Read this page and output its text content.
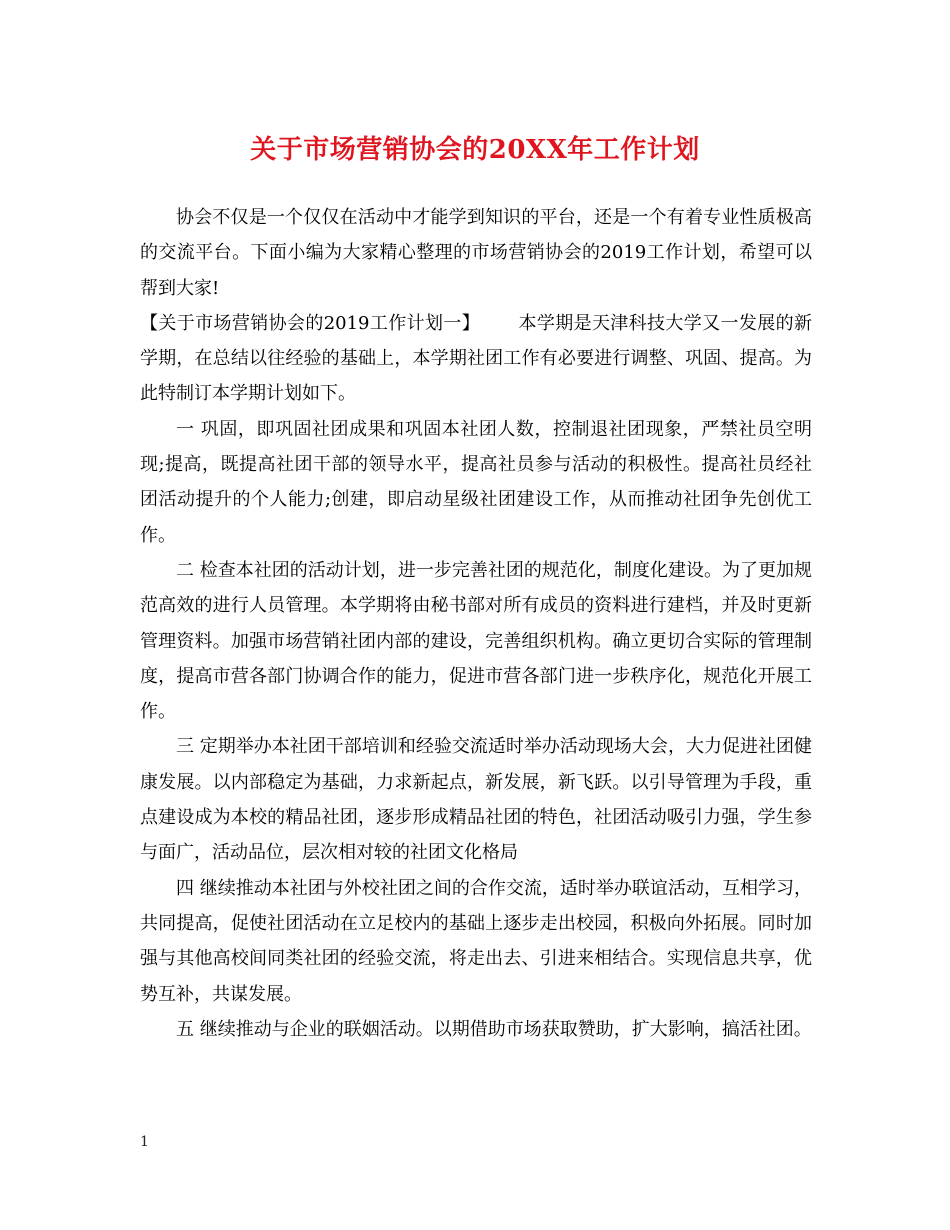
关于市场营销协会的20XX年工作计划

协会不仅是一个仅仅在活动中才能学到知识的平台，还是一个有着专业性质极高的交流平台。下面小编为大家精心整理的市场营销协会的2019工作计划，希望可以帮到大家!

【关于市场营销协会的2019工作计划一】 本学期是天津科技大学又一发展的新学期，在总结以往经验的基础上，本学期社团工作有必要进行调整、巩固、提高。为此特制订本学期计划如下。

一 巩固，即巩固社团成果和巩固本社团人数，控制退社团现象，严禁社员空明现;提高，既提高社团干部的领导水平，提高社员参与活动的积极性。提高社员经社团活动提升的个人能力;创建，即启动星级社团建设工作，从而推动社团争先创优工作。

二 检查本社团的活动计划，进一步完善社团的规范化，制度化建设。为了更加规范高效的进行人员管理。本学期将由秘书部对所有成员的资料进行建档，并及时更新管理资料。加强市场营销社团内部的建设，完善组织机构。确立更切合实际的管理制度，提高市营各部门协调合作的能力，促进市营各部门进一步秩序化，规范化开展工作。

三 定期举办本社团干部培训和经验交流适时举办活动现场大会，大力促进社团健康发展。以内部稳定为基础，力求新起点，新发展，新飞跃。以引导管理为手段，重点建设成为本校的精品社团，逐步形成精品社团的特色，社团活动吸引力强，学生参与面广，活动品位，层次相对较的社团文化格局

四 继续推动本社团与外校社团之间的合作交流，适时举办联谊活动，互相学习，共同提高，促使社团活动在立足校内的基础上逐步走出校园，积极向外拓展。同时加强与其他高校间同类社团的经验交流，将走出去、引进来相结合。实现信息共享，优势互补，共谋发展。

五 继续推动与企业的联姻活动。以期借助市场获取赞助，扩大影响，搞活社团。

1
